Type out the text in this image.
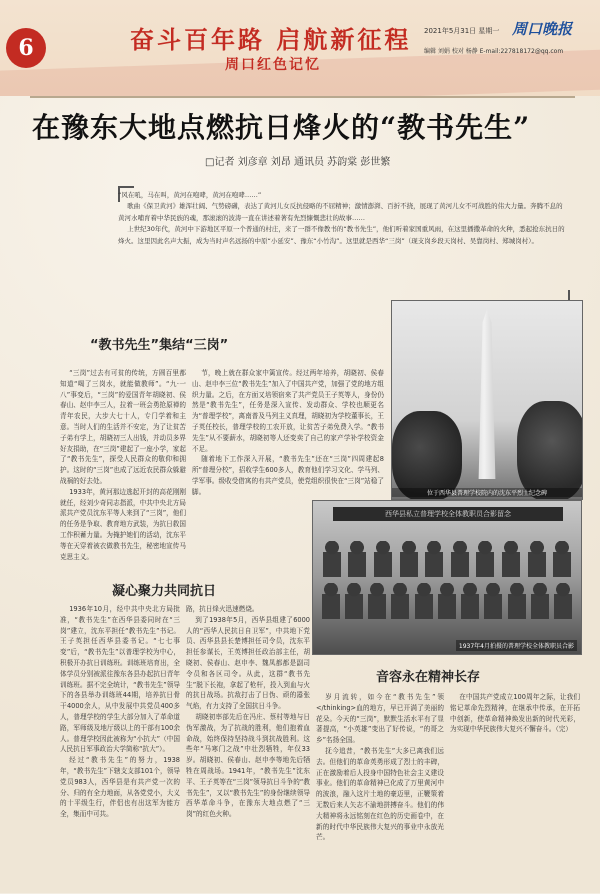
6	奋斗百年路 启航新征程
周口红色记忆
2021年5月31日 星期一 周口晚报
编辑 刘娟 校对 杨静 E-mail:227818172@qq.com
在豫东大地点燃抗日烽火的“教书先生”
□记者 刘彦章 刘昂 通讯员 苏韵棠 彭世繁

“风在吼，马在叫，黄河在咆哮，黄河在咆哮……”

歌曲《保卫黄河》雄浑壮阔、气势磅礴，表达了黄河儿女反抗侵略的不屈精神；激情澎湃、百折不挠，展现了黄河儿女不可战胜的伟大力量。奔腾不息的黄河水哺育着中华民族的魂，那滚滚的波涛一直在讲述着著有先烈慷慨悲壮的故事……

上世纪30年代，黄河中下游地区平原一个普通的村庄，来了一群不像教书的“教书先生”，他们听着家国重风雨，在这里播撒革命的火种，悉起抢东抗日的烽火。这里因此名声大振，成为当时声名远扬的中原“小延安”、豫东“小竹沟”。这里就是西华“三岗”（现支岗乡段天岗村、吴靠岗村、郑城岗村）。

“教书先生”集结“三岗”

“三岗”过去有可贫的传统，方圆百里都知道“喝了三岗水，就能做教师”。“九·一八”事变后，“三岗”的爱国青年胡晓初、侯春山、赵申李三人，拉着一班会勇抢原禅的青年农民，大步大七十人，专门学着和主意。当时人们的生活并不安定，为了让贫苦子弟有学上，胡晓初三人出钱，并动员多界好友捐助，在“三岗”建起了一座小学，家起了“教书先生”，探受人民群众的敬仰和拥护。这时的“三岗”也成了远近农民群众躲避战祸的好去处。

1933年，黄河那边逃起开封的高花刚刚就任，经刘少奇同志指派，中共中央北方局派共产党员沈东平等人来到了“三岗”，他们的任务是争取、教育地方武装，为抗日救国工作积蓄力量。为掩护她们的活动，沈东平等在天穿着被衣做教书先生，秘密地宣传马克思主义。

节，晚上就在群众家中篱宣传。经过两年培养，胡晓初、侯春山、赵申李三位“教书先生”加入了中国共产党，加强了党的地方组织力量。之后，在方面又培领宿来了共产党员王子英等人，身份仍然是“教书先生”，任务是深入宣传、发动群众、学校也顺更名为“普理学校”，离南普及马列主义真理，胡晓初为学校董事长，王子英任校长，普理学校的工农开放，让贫苦子弟免费入学。“教书先生”从不要薪水，胡晓初等人还变卖了自己的家产学补学校资金不足。

随着地下工作深入开展，“教书先生”还在“三岗”四周建起8所“普理分校”，招收学生600多人，教育他们学习文化、学马列、学军事。级收受借寓的有共产党员，使党组织很快在“三岗”站稳了脚。	位于西华县普理学校院内的沈东平烈士纪念碑
凝心聚力共同抗日

1936年10月，经中共中央北方局批准，“教书先生”在西华县委同时在“三岗”建立，沈东平担任“教书先生”书记。王子英担任西华县委书记。“七七事变”后，“教书先生”以普理学校为中心，积极开办抗日训练班。训练班培育出，全体学员分别被派往豫东各县办起抗日青年训练班。据不完全统计，“教书先生”领导下的各县举办训练班44期，培养抗日骨干4000余人，从中发展中共党员400多人，普理学校的学生大部分加入了革命道路，军师级及地厅级以上的干部有100余人。普理学校因此被称为“小抗大”（中国人民抗日军事政治大学简称“抗大”）。

经过“教书先生”的努力，1938年，“教书先生”下辖支支部101个，领导党员983人，西华县是有共产党一次的分、归的有全力地面，从各党党小，大义的十平级生行，伴侣也有出这军为能方全，集而中可共。

路，抗日烽火迅速燃烧。

到了1938年5月，西华县组建了6000人的“西华人民抗日自卫军”，中共地下党员、西华县县长楚博担任司令员，沈东平担任参谋长，王英博担任政治部主任，胡晓初、侯春山、赵申李、魏凤都都是副司令员和各区司令。从此，这群“教书先生”脱下长袍，拿起了枪杆，投入到血与火的抗日战场。抗敌打击了日伪、顽的嚣张气焰，有力支持了全国抗日斗争。

胡晓初率部先后在冯庄、蔡村等地与日伪军激战，为了抗战的胜利，他们抱着血命战，始终保持坚持战斗到抗战胜利。这些年“马寒门之战”中壮烈牺牲，年仅33岁。胡晓初、侯春山、赵申李等地先后牺牲在周战场。1941年，“教书先生”沈东平、王子英等在“三岗”领导抗日斗争的“教书先生”，又以“教书先生”的身份继续领导西华革命斗争，在豫东大地点燃了“三岗”的红色火种。

西华县私立普理学校全体教职员合影留念
1937年4月拍摄的普理学校全体教职员合影
音容永在精神长存

岁月流转，如今在“教书先生”领</thinking>血的地方，早已开满了美丽的花朵。今天的“三岗”，默默生活水平有了显著提高，“小英雄”变出了好传说，“的哥之乡”名扬全国。

抚今追昔，“教书先生”大多已离我们远去。但他们的革命英勇形成了烈士的丰碑，正在激励着后人投身中国特色社会主义建设事业。他们的革命精神已化成了万里黄河中的波浪，融入这片土地的豪迈里，正鞭策着无数后来人矢志不渝地拼搏奋斗。他们的伟大精神将永远铭刻在红色的历史画卷中，在新的时代中华民族伟大复兴的事业中永放光芒。

在中国共产党成立100周年之际，让我们铭记革命先烈精神，在继承中传承，在开拓中创新，使革命精神焕发出新的时代光彩，为实现中华民族伟大复兴不懈奋斗。（完）
